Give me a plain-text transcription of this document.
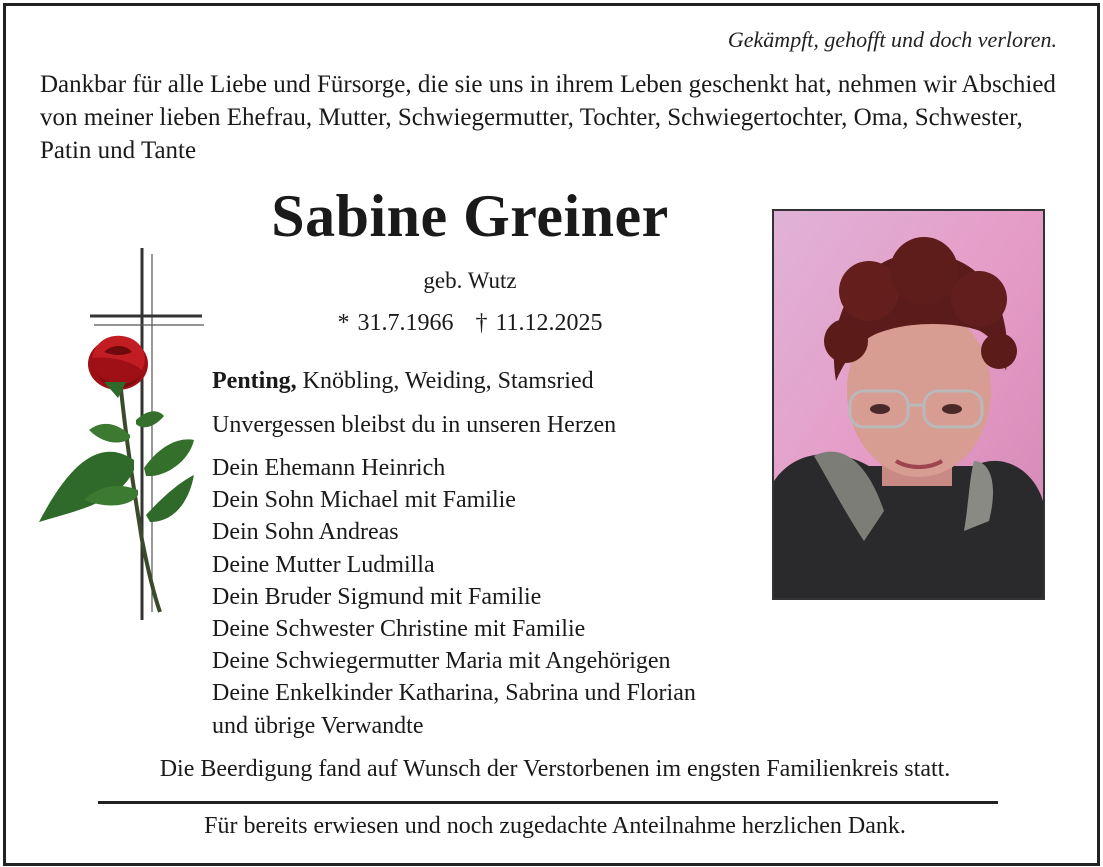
Gekämpft, gehofft und doch verloren.

Dankbar für alle Liebe und Fürsorge, die sie uns in ihrem Leben geschenkt hat, nehmen wir Abschied von meiner lieben Ehefrau, Mutter, Schwiegermutter, Tochter, Schwiegertochter, Oma, Schwester, Patin und Tante

Sabine Greiner
geb. Wutz
* 31.7.1966 † 11.12.2025
Penting, Knöbling, Weiding, Stamsried
Unvergessen bleibst du in unseren Herzen
Dein Ehemann Heinrich
Dein Sohn Michael mit Familie
Dein Sohn Andreas
Deine Mutter Ludmilla
Dein Bruder Sigmund mit Familie
Deine Schwester Christine mit Familie
Deine Schwiegermutter Maria mit Angehörigen
Deine Enkelkinder Katharina, Sabrina und Florian
und übrige Verwandte
Die Beerdigung fand auf Wunsch der Verstorbenen im engsten Familienkreis statt.
Für bereits erwiesen und noch zugedachte Anteilnahme herzlichen Dank.
